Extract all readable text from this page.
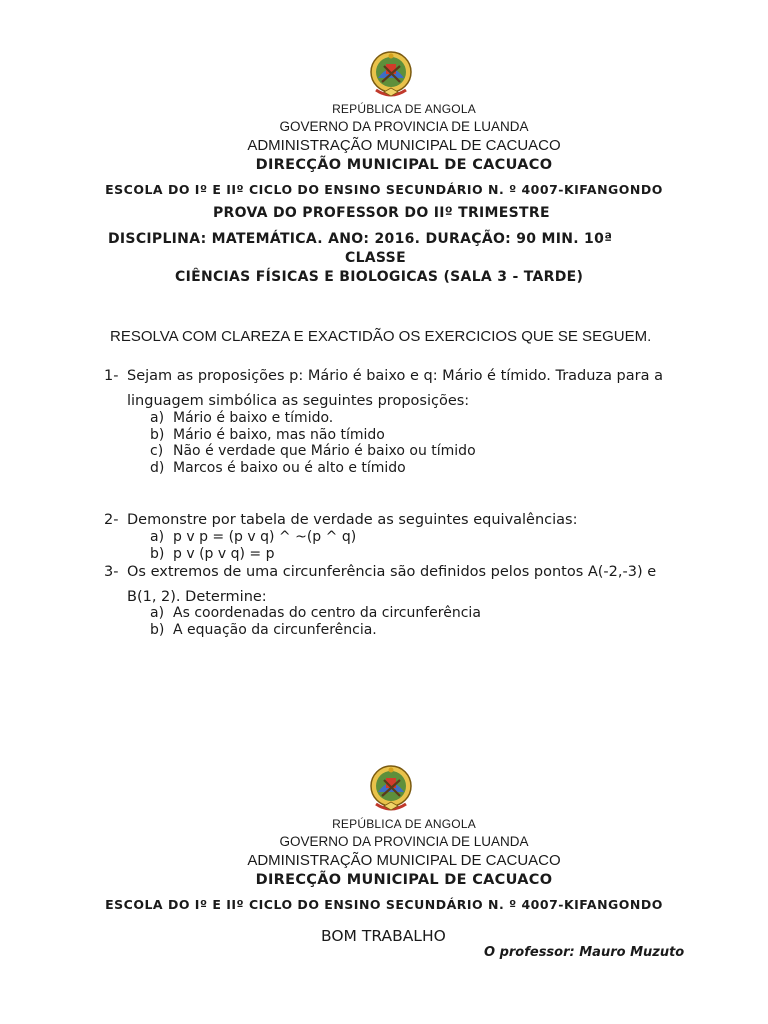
REPÚBLICA DE ANGOLA
GOVERNO DA PROVINCIA DE LUANDA
ADMINISTRAÇÃO MUNICIPAL DE CACUACO
DIRECÇÃO MUNICIPAL DE CACUACO
ESCOLA DO Iº E IIº CICLO DO ENSINO SECUNDÁRIO N. º 4007-KIFANGONDO
PROVA DO PROFESSOR DO IIº TRIMESTRE
DISCIPLINA: MATEMÁTICA. ANO: 2016. DURAÇÃO: 90 MIN. 10ª
CLASSE
CIÊNCIAS FÍSICAS E BIOLOGICAS (SALA 3 - TARDE)
RESOLVA COM CLAREZA E EXACTIDÃO OS EXERCICIOS QUE SE SEGUEM.
1- Sejam as proposições p: Mário é baixo e q: Mário é tímido. Traduza para a
linguagem simbólica as seguintes proposições:
a) Mário é baixo e tímido.
b) Mário é baixo, mas não tímido
c) Não é verdade que Mário é baixo ou tímido
d) Marcos é baixo ou é alto e tímido
2- Demonstre por tabela de verdade as seguintes equivalências:
a) p v p = (p v q) ^ ~(p ^ q)
b) p v (p v q) = p
3- Os extremos de uma circunferência são definidos pelos pontos A(-2,-3) e
B(1, 2). Determine:
a) As coordenadas do centro da circunferência
b) A equação da circunferência.
REPÚBLICA DE ANGOLA
GOVERNO DA PROVINCIA DE LUANDA
ADMINISTRAÇÃO MUNICIPAL DE CACUACO
DIRECÇÃO MUNICIPAL DE CACUACO
ESCOLA DO Iº E IIº CICLO DO ENSINO SECUNDÁRIO N. º 4007-KIFANGONDO
BOM TRABALHO
O professor: Mauro Muzuto
